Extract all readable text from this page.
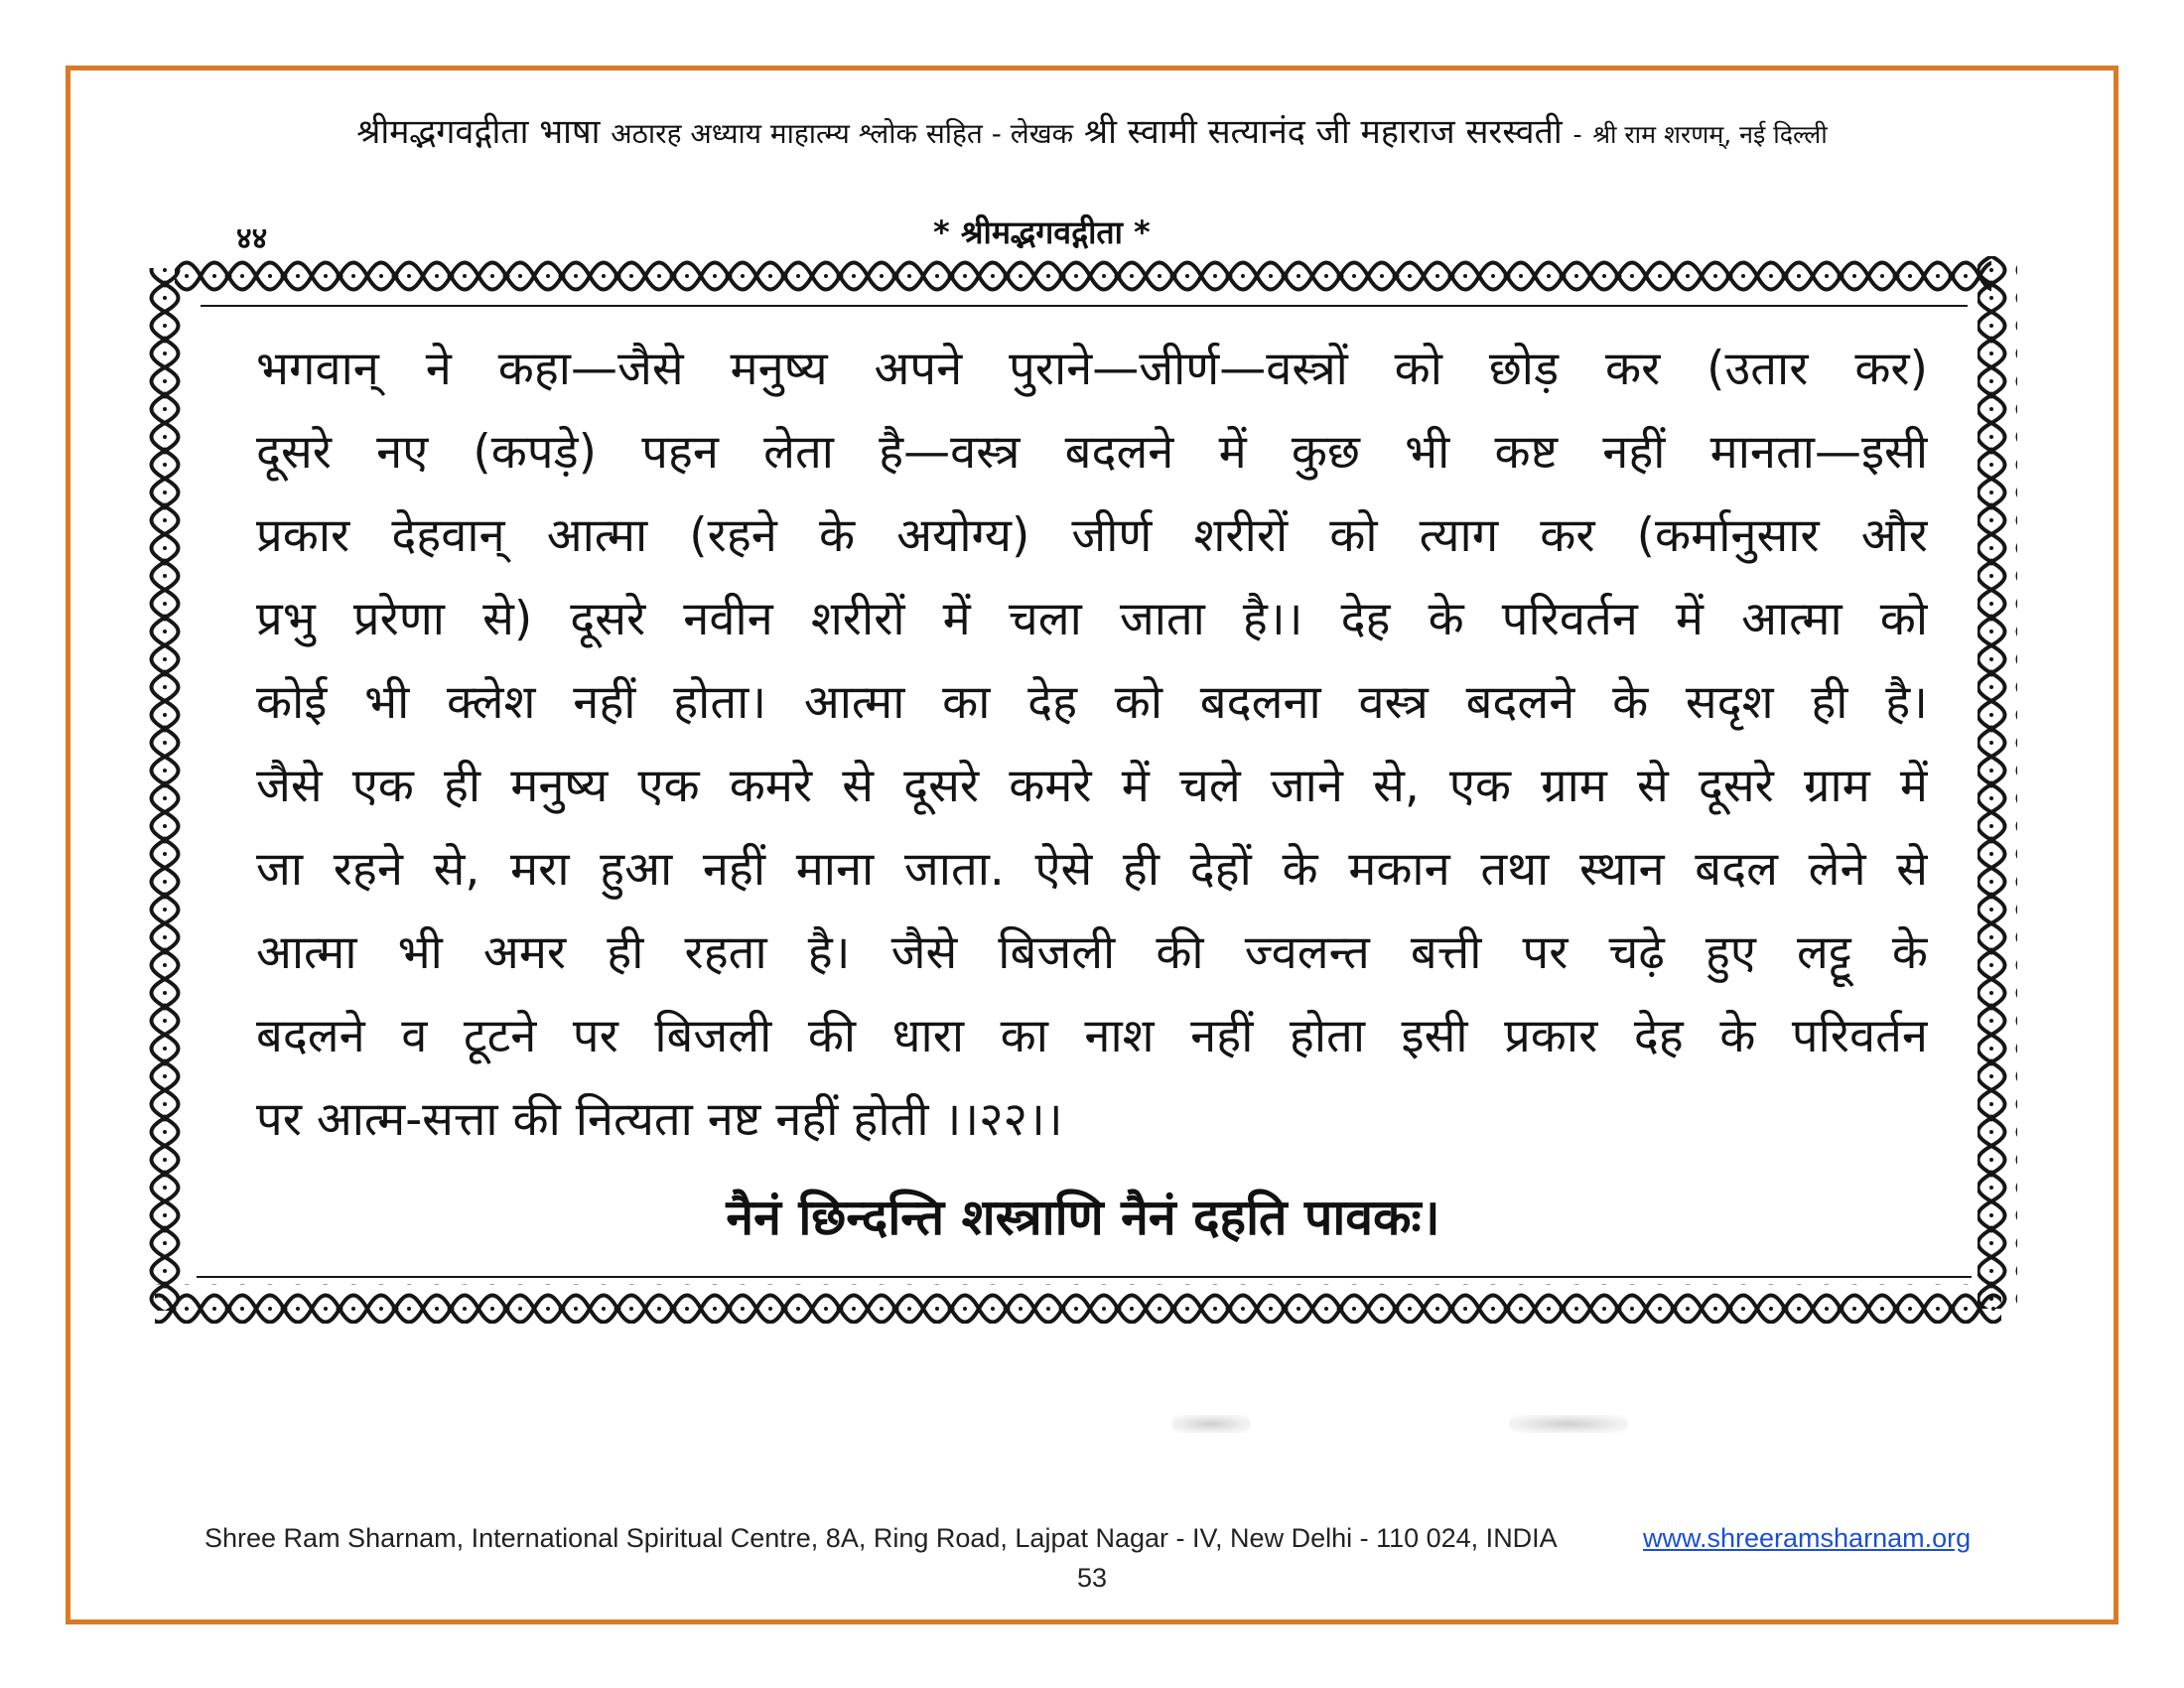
श्रीमद्भगवद्गीता भाषा अठारह अध्याय माहात्म्य श्लोक सहित - लेखक श्री स्वामी सत्यानंद जी महाराज सरस्वती - श्री राम शरणम्, नई दिल्ली
४४	* श्रीमद्भगवद्गीता *
भगवान् ने कहा—जैसे मनुष्य अपने पुराने—जीर्ण—वस्त्रों को छोड़ कर (उतार कर)
दूसरे नए (कपड़े) पहन लेता है—वस्त्र बदलने में कुछ भी कष्ट नहीं मानता—इसी
प्रकार देहवान् आत्मा (रहने के अयोग्य) जीर्ण शरीरों को त्याग कर (कर्मानुसार और
प्रभु प्ररेणा से) दूसरे नवीन शरीरों में चला जाता है।। देह के परिवर्तन में आत्मा को
कोई भी क्लेश नहीं होता। आत्मा का देह को बदलना वस्त्र बदलने के सदृश ही है।
जैसे एक ही मनुष्य एक कमरे से दूसरे कमरे में चले जाने से, एक ग्राम से दूसरे ग्राम में
जा रहने से, मरा हुआ नहीं माना जाता. ऐसे ही देहों के मकान तथा स्थान बदल लेने से
आत्मा भी अमर ही रहता है। जैसे बिजली की ज्वलन्त बत्ती पर चढ़े हुए लट्टू के
बदलने व टूटने पर बिजली की धारा का नाश नहीं होता इसी प्रकार देह के परिवर्तन
पर आत्म-सत्ता की नित्यता नष्ट नहीं होती ।।२२।।
नैनं छिन्दन्ति शस्त्राणि नैनं दहति पावकः।
Shree Ram Sharnam, International Spiritual Centre, 8A, Ring Road, Lajpat Nagar - IV, New Delhi - 110 024, INDIA	www.shreeramsharnam.org
53
